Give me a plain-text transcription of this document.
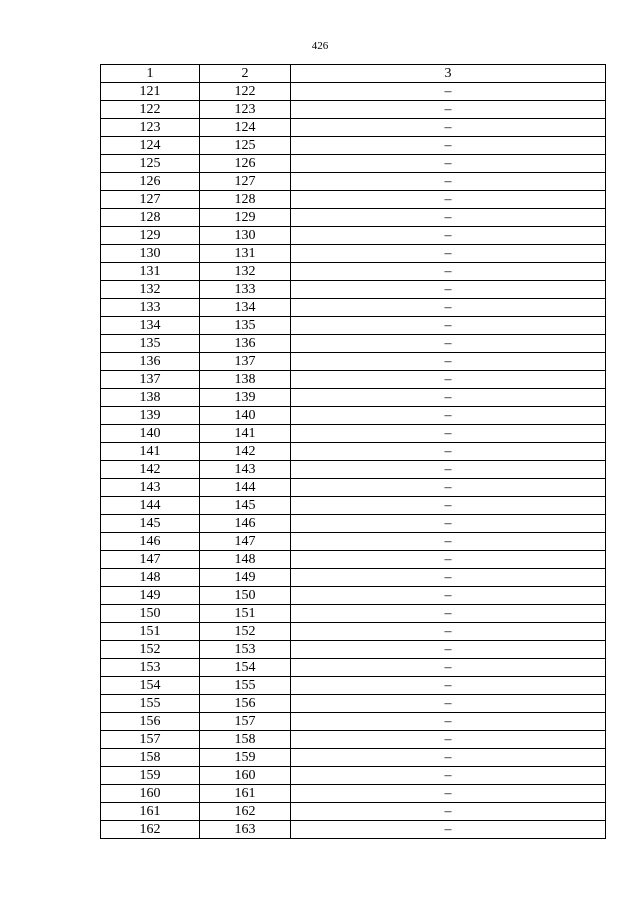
426
1	2	3
121	122	–
122	123	–
123	124	–
124	125	–
125	126	–
126	127	–
127	128	–
128	129	–
129	130	–
130	131	–
131	132	–
132	133	–
133	134	–
134	135	–
135	136	–
136	137	–
137	138	–
138	139	–
139	140	–
140	141	–
141	142	–
142	143	–
143	144	–
144	145	–
145	146	–
146	147	–
147	148	–
148	149	–
149	150	–
150	151	–
151	152	–
152	153	–
153	154	–
154	155	–
155	156	–
156	157	–
157	158	–
158	159	–
159	160	–
160	161	–
161	162	–
162	163	–
